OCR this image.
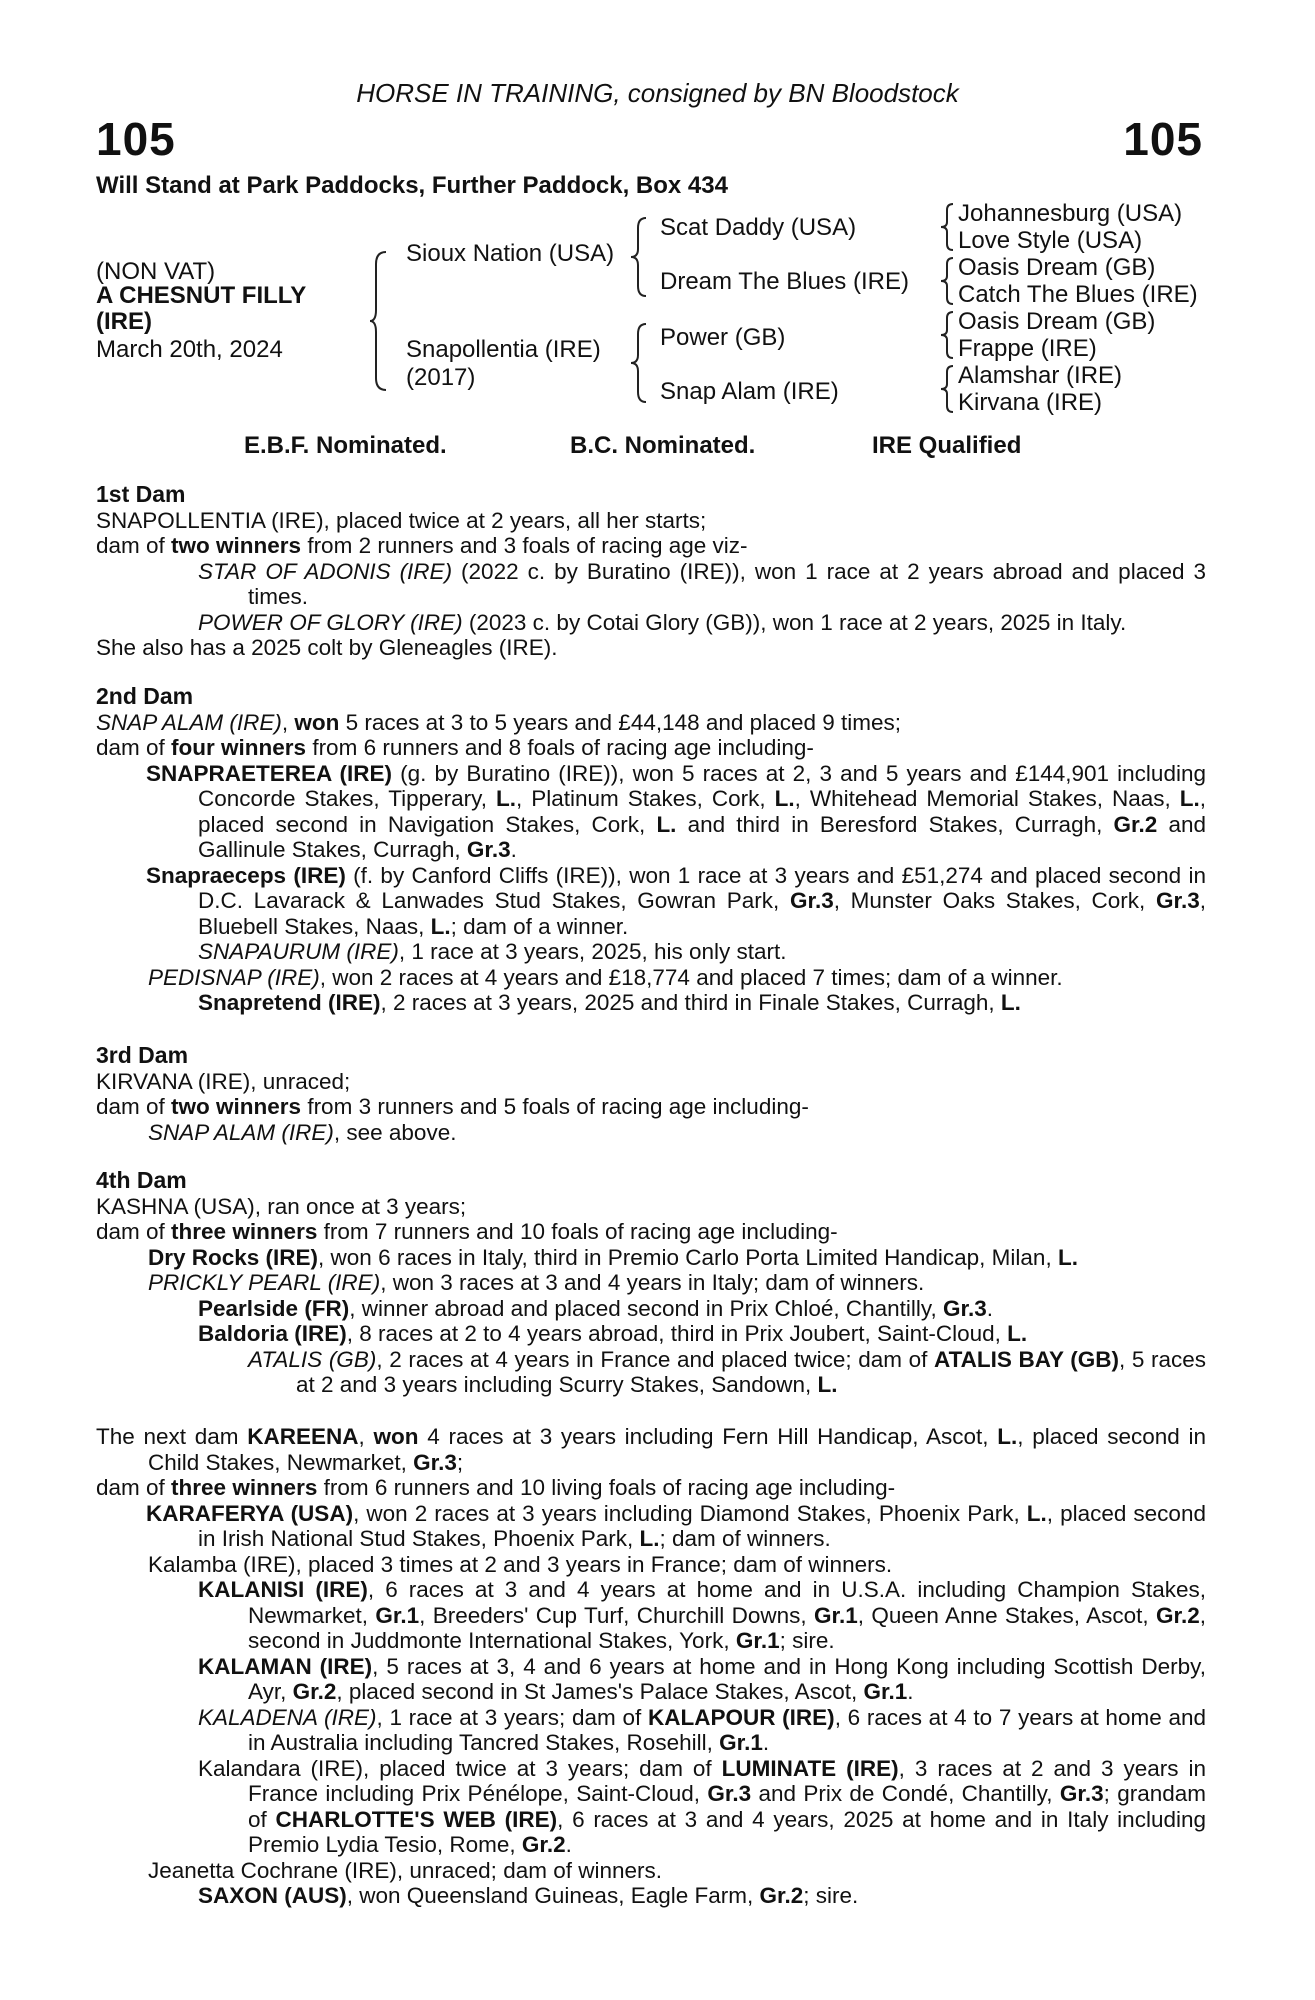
HORSE IN TRAINING, consigned by BN Bloodstock
105	105
Will Stand at Park Paddocks, Further Paddock, Box 434
(NON VAT)
A CHESNUT FILLY
(IRE)
March 20th, 2024
Sioux Nation (USA)
Snapollentia (IRE)
(2017)
Scat Daddy (USA)
Dream The Blues (IRE)
Power (GB)
Snap Alam (IRE)
Johannesburg (USA)
Love Style (USA)
Oasis Dream (GB)
Catch The Blues (IRE)
Oasis Dream (GB)
Frappe (IRE)
Alamshar (IRE)
Kirvana (IRE)
E.B.F. Nominated.	B.C. Nominated.	IRE Qualified
1st Dam
SNAPOLLENTIA (IRE), placed twice at 2 years, all her starts;
dam of two winners from 2 runners and 3 foals of racing age viz-
STAR OF ADONIS (IRE) (2022 c. by Buratino (IRE)), won 1 race at 2 years abroad and placed 3 times.
POWER OF GLORY (IRE) (2023 c. by Cotai Glory (GB)), won 1 race at 2 years, 2025 in Italy.
She also has a 2025 colt by Gleneagles (IRE).
2nd Dam
SNAP ALAM (IRE), won 5 races at 3 to 5 years and £44,148 and placed 9 times;
dam of four winners from 6 runners and 8 foals of racing age including-
SNAPRAETEREA (IRE) (g. by Buratino (IRE)), won 5 races at 2, 3 and 5 years and £144,901 including Concorde Stakes, Tipperary, L., Platinum Stakes, Cork, L., Whitehead Memorial Stakes, Naas, L., placed second in Navigation Stakes, Cork, L. and third in Beresford Stakes, Curragh, Gr.2 and Gallinule Stakes, Curragh, Gr.3.
Snapraeceps (IRE) (f. by Canford Cliffs (IRE)), won 1 race at 3 years and £51,274 and placed second in D.C. Lavarack & Lanwades Stud Stakes, Gowran Park, Gr.3, Munster Oaks Stakes, Cork, Gr.3, Bluebell Stakes, Naas, L.; dam of a winner.
SNAPAURUM (IRE), 1 race at 3 years, 2025, his only start.
PEDISNAP (IRE), won 2 races at 4 years and £18,774 and placed 7 times; dam of a winner.
Snapretend (IRE), 2 races at 3 years, 2025 and third in Finale Stakes, Curragh, L.
3rd Dam
KIRVANA (IRE), unraced;
dam of two winners from 3 runners and 5 foals of racing age including-
SNAP ALAM (IRE), see above.
4th Dam
KASHNA (USA), ran once at 3 years;
dam of three winners from 7 runners and 10 foals of racing age including-
Dry Rocks (IRE), won 6 races in Italy, third in Premio Carlo Porta Limited Handicap, Milan, L.
PRICKLY PEARL (IRE), won 3 races at 3 and 4 years in Italy; dam of winners.
Pearlside (FR), winner abroad and placed second in Prix Chloé, Chantilly, Gr.3.
Baldoria (IRE), 8 races at 2 to 4 years abroad, third in Prix Joubert, Saint-Cloud, L.
ATALIS (GB), 2 races at 4 years in France and placed twice; dam of ATALIS BAY (GB), 5 races at 2 and 3 years including Scurry Stakes, Sandown, L.
The next dam KAREENA, won 4 races at 3 years including Fern Hill Handicap, Ascot, L., placed second in Child Stakes, Newmarket, Gr.3;
dam of three winners from 6 runners and 10 living foals of racing age including-
KARAFERYA (USA), won 2 races at 3 years including Diamond Stakes, Phoenix Park, L., placed second in Irish National Stud Stakes, Phoenix Park, L.; dam of winners.
Kalamba (IRE), placed 3 times at 2 and 3 years in France; dam of winners.
KALANISI (IRE), 6 races at 3 and 4 years at home and in U.S.A. including Champion Stakes, Newmarket, Gr.1, Breeders' Cup Turf, Churchill Downs, Gr.1, Queen Anne Stakes, Ascot, Gr.2, second in Juddmonte International Stakes, York, Gr.1; sire.
KALAMAN (IRE), 5 races at 3, 4 and 6 years at home and in Hong Kong including Scottish Derby, Ayr, Gr.2, placed second in St James's Palace Stakes, Ascot, Gr.1.
KALADENA (IRE), 1 race at 3 years; dam of KALAPOUR (IRE), 6 races at 4 to 7 years at home and in Australia including Tancred Stakes, Rosehill, Gr.1.
Kalandara (IRE), placed twice at 3 years; dam of LUMINATE (IRE), 3 races at 2 and 3 years in France including Prix Pénélope, Saint-Cloud, Gr.3 and Prix de Condé, Chantilly, Gr.3; grandam of CHARLOTTE'S WEB (IRE), 6 races at 3 and 4 years, 2025 at home and in Italy including Premio Lydia Tesio, Rome, Gr.2.
Jeanetta Cochrane (IRE), unraced; dam of winners.
SAXON (AUS), won Queensland Guineas, Eagle Farm, Gr.2; sire.
